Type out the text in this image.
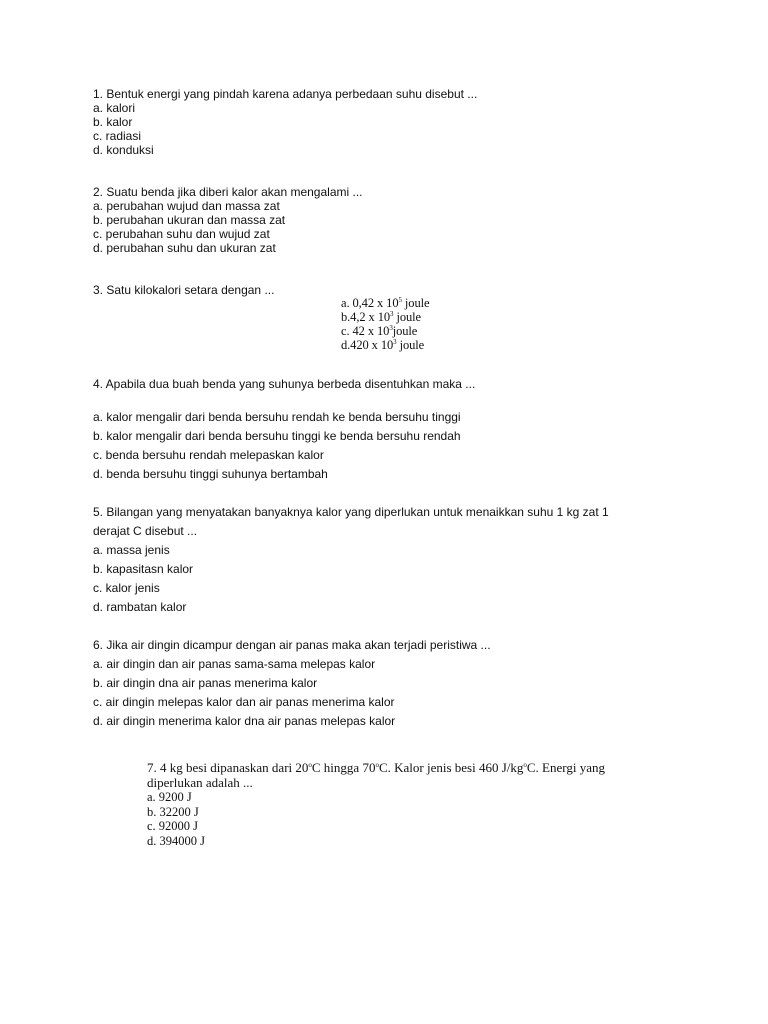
1. Bentuk energi yang pindah karena adanya perbedaan suhu disebut ...
a. kalori
b. kalor
c. radiasi
d. konduksi
2. Suatu benda jika diberi kalor akan mengalami ...
a. perubahan wujud dan massa zat
b. perubahan ukuran dan massa zat
c. perubahan suhu dan wujud zat
d. perubahan suhu dan ukuran zat
3. Satu kilokalori setara dengan ...
a. 0,42 x $10^5$ joule
b.4,2 x $10^3$ joule
c. 42 x $10^3joule$
d.420 x $10^3$ joule
4. Apabila dua buah benda yang suhunya berbeda disentuhkan maka ...
a. kalor mengalir dari benda bersuhu rendah ke benda bersuhu tinggi
b. kalor mengalir dari benda bersuhu tinggi ke benda bersuhu rendah
c. benda bersuhu rendah melepaskan kalor
d. benda bersuhu tinggi suhunya bertambah
5. Bilangan yang menyatakan banyaknya kalor yang diperlukan untuk menaikkan suhu 1 kg zat 1
derajat C disebut ...
a. massa jenis
b. kapasitasn kalor
c. kalor jenis
d. rambatan kalor
6. Jika air dingin dicampur dengan air panas maka akan terjadi peristiwa ...
a. air dingin dan air panas sama-sama melepas kalor
b. air dingin dna air panas menerima kalor
c. air dingin melepas kalor dan air panas menerima kalor
d. air dingin menerima kalor dna air panas melepas kalor
7. 4 kg besi dipanaskan dari 20$^o$C hingga 70$^o$C. Kalor jenis besi 460 $J/kg^oC$. Energi yang
diperlukan adalah ...
a. 9200 J
b. 32200 J
c. 92000 J
d. 394000 J
